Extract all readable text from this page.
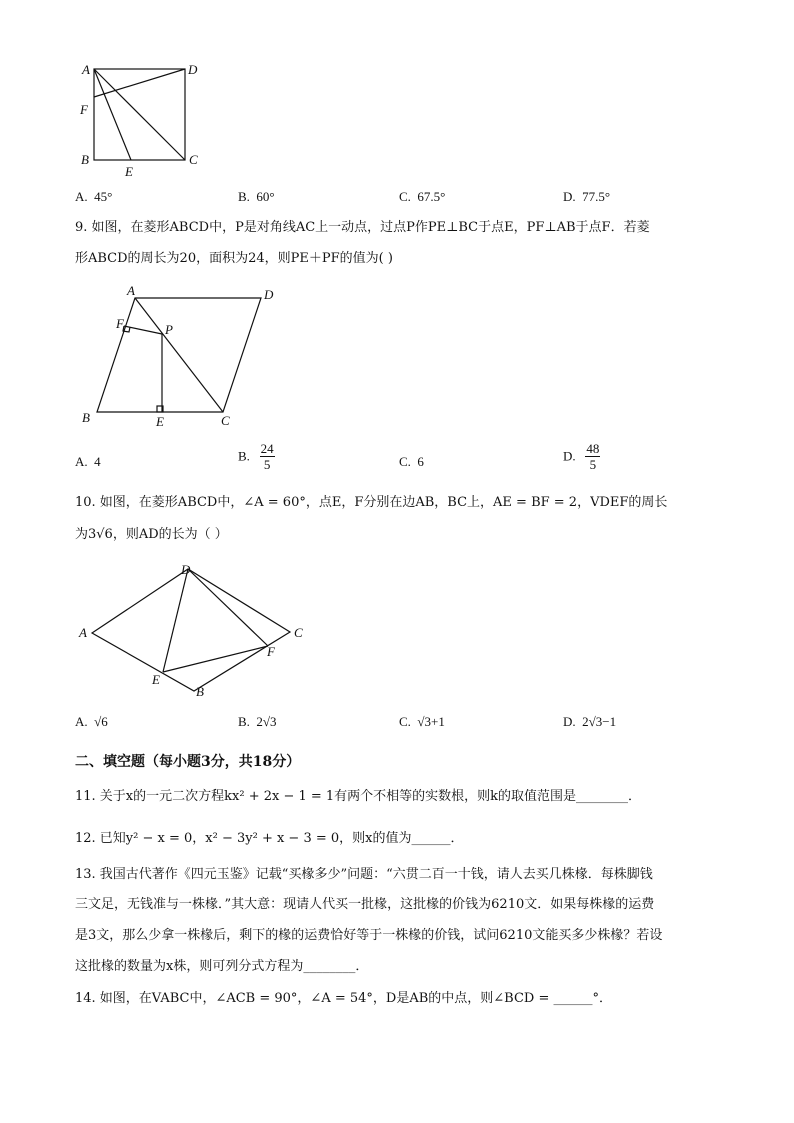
A	D
F
B
E
C
A. 45°	B. 60°	C. 67.5°	D. 77.5°
9. 如图，在菱形ABCD中，P是对角线AC上一动点，过点P作PE⊥BC于点E，PF⊥AB于点F．若菱
形ABCD的周长为20，面积为24，则PE＋PF的值为( )
A	D
F	P
B	E	C
A. 4	B. $\frac{24}{5}$	C. 6	D. $\frac{48}{5}$
10. 如图，在菱形ABCD中，∠A = 60°，点E，F分别在边AB，BC上，AE = BF = 2，VDEF的周长
为3√6，则AD的长为（ ）
D
A	C
F
E
B
A. √6	B. 2√3	C. √3+1	D. 2√3−1
二、填空题（每小题3分，共18分）
11. 关于x的一元二次方程kx² + 2x − 1 = 1有两个不相等的实数根，则k的取值范围是________．
12. 已知y² − x = 0，x² − 3y² + x − 3 = 0，则x的值为______．
13. 我国古代著作《四元玉鉴》记载“买椽多少”问题：“六贯二百一十钱，请人去买几株椽．每株脚钱
三文足，无钱准与一株椽．”其大意：现请人代买一批椽，这批椽的价钱为6210文．如果每株椽的运费
是3文，那么少拿一株椽后，剩下的椽的运费恰好等于一株椽的价钱，试问6210文能买多少株椽？若设
这批椽的数量为x株，则可列分式方程为________．
14. 如图，在VABC中，∠ACB = 90°，∠A = 54°，D是AB的中点，则∠BCD = ______°．
